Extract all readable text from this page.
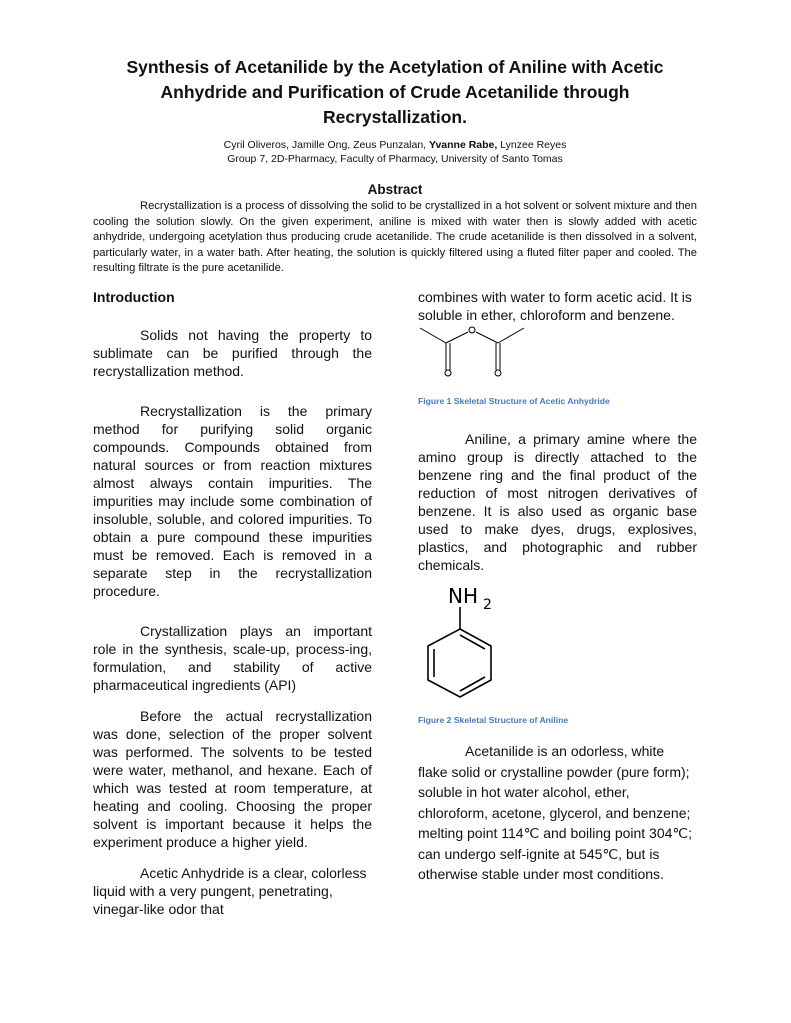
Synthesis of Acetanilide by the Acetylation of Aniline with Acetic
Anhydride and Purification of Crude Acetanilide through
Recrystallization.
Cyril Oliveros, Jamille Ong, Zeus Punzalan, Yvanne Rabe, Lynzee Reyes
Group 7, 2D-Pharmacy, Faculty of Pharmacy, University of Santo Tomas
Abstract
Recrystallization is a process of dissolving the solid to be crystallized in a hot solvent or solvent mixture and then cooling the solution slowly. On the given experiment, aniline is mixed with water then is slowly added with acetic anhydride, undergoing acetylation thus producing crude acetanilide. The crude acetanilide is then dissolved in a solvent, particularly water, in a water bath. After heating, the solution is quickly filtered using a fluted filter paper and cooled. The resulting filtrate is the pure acetanilide.
Introduction

Solids not having the property to sublimate can be purified through the recrystallization method.

Recrystallization is the primary method for purifying solid organic compounds. Compounds obtained from natural sources or from reaction mixtures almost always contain impurities. The impurities may include some combination of insoluble, soluble, and colored impurities. To obtain a pure compound these impurities must be removed. Each is removed in a separate step in the recrystallization procedure.

Crystallization plays an important role in the synthesis, scale-up, process-ing, formulation, and stability of active pharmaceutical ingredients (API)

Before the actual recrystallization was done, selection of the proper solvent was performed. The solvents to be tested were water, methanol, and hexane. Each of which was tested at room temperature, at heating and cooling. Choosing the proper solvent is important because it helps the experiment produce a higher yield.

Acetic Anhydride is a clear, colorless liquid with a very pungent, penetrating, vinegar-like odor that

combines with water to form acetic acid. It is soluble in ether, chloroform and benzene.

Figure 1 Skeletal Structure of Acetic Anhydride

Aniline, a primary amine where the amino group is directly attached to the benzene ring and the final product of the reduction of most nitrogen derivatives of benzene. It is also used as organic base used to make dyes, drugs, explosives, plastics, and photographic and rubber chemicals.

NH 2
Figure 2 Skeletal Structure of Aniline

Acetanilide is an odorless, white flake solid or crystalline powder (pure form); soluble in hot water alcohol, ether, chloroform, acetone, glycerol, and benzene; melting point 114℃ and boiling point 304℃; can undergo self-ignite at 545℃, but is otherwise stable under most conditions.
